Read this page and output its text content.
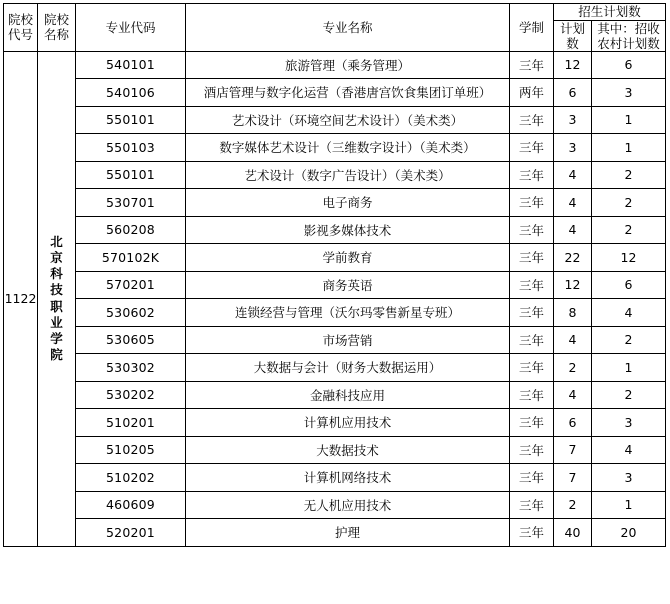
院校代号	院校名称	专业代码	专业名称	学制	招生计划数	
					计划数	其中：招收农村计划数
1122	北京科技职业学院	540101	旅游管理（乘务管理）	三年	12	6
		540106	酒店管理与数字化运营（香港唐宫饮食集团订单班）	两年	6	3
		550101	艺术设计（环境空间艺术设计）（美术类）	三年	3	1
		550103	数字媒体艺术设计（三维数字设计）（美术类）	三年	3	1
		550101	艺术设计（数字广告设计）（美术类）	三年	4	2
		530701	电子商务	三年	4	2
		560208	影视多媒体技术	三年	4	2
		570102K	学前教育	三年	22	12
		570201	商务英语	三年	12	6
		530602	连锁经营与管理（沃尔玛零售新星专班）	三年	8	4
		530605	市场营销	三年	4	2
		530302	大数据与会计（财务大数据运用）	三年	2	1
		530202	金融科技应用	三年	4	2
		510201	计算机应用技术	三年	6	3
		510205	大数据技术	三年	7	4
		510202	计算机网络技术	三年	7	3
		460609	无人机应用技术	三年	2	1
		520201	护理	三年	40	20
